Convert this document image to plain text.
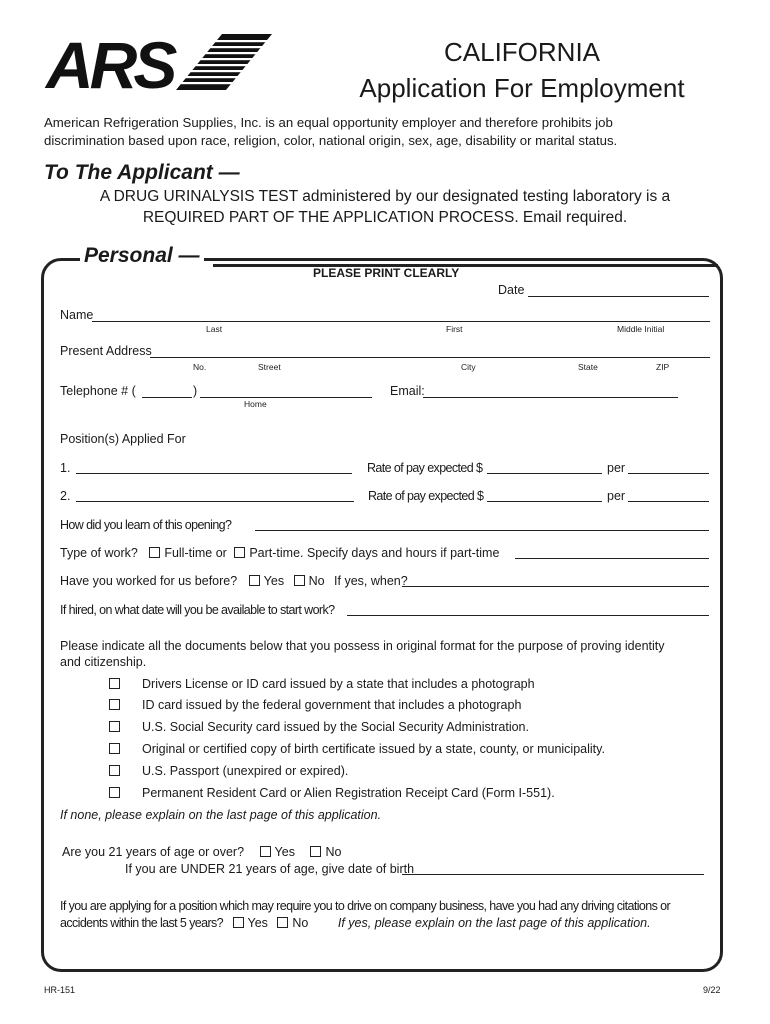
ARS	CALIFORNIA
Application For Employment
American Refrigeration Supplies, Inc. is an equal opportunity employer and therefore prohibits job
discrimination based upon race, religion, color, national origin, sex, age, disability or marital status.
To The Applicant —
A DRUG URINALYSIS TEST administered by our designated testing laboratory is a
REQUIRED PART OF THE APPLICATION PROCESS. Email required.
Personal —
PLEASE PRINT CLEARLY
Date
Name
Last	First	Middle Initial
Present Address
No.	Street	City	State	ZIP
Telephone # (	)
Home
Email:
Position(s) Applied For
1.	Rate of pay expected $	per
2.	Rate of pay expected $	per
How did you learn of this opening?
Type of work? Full-time or Part-time. Specify days and hours if part-time
Have you worked for us before? Yes No If yes, when?
If hired, on what date will you be available to start work?
Please indicate all the documents below that you possess in original format for the purpose of proving identity
and citizenship.
Drivers License or ID card issued by a state that includes a photograph
ID card issued by the federal government that includes a photograph
U.S. Social Security card issued by the Social Security Administration.
Original or certified copy of birth certificate issued by a state, county, or municipality.
U.S. Passport (unexpired or expired).
Permanent Resident Card or Alien Registration Receipt Card (Form I-551).
If none, please explain on the last page of this application.
Are you 21 years of age or over? Yes No
If you are UNDER 21 years of age, give date of birth
If you are applying for a position which may require you to drive on company business, have you had any driving citations or
accidents within the last 5 years? Yes No If yes, please explain on the last page of this application.
HR-151	9/22
